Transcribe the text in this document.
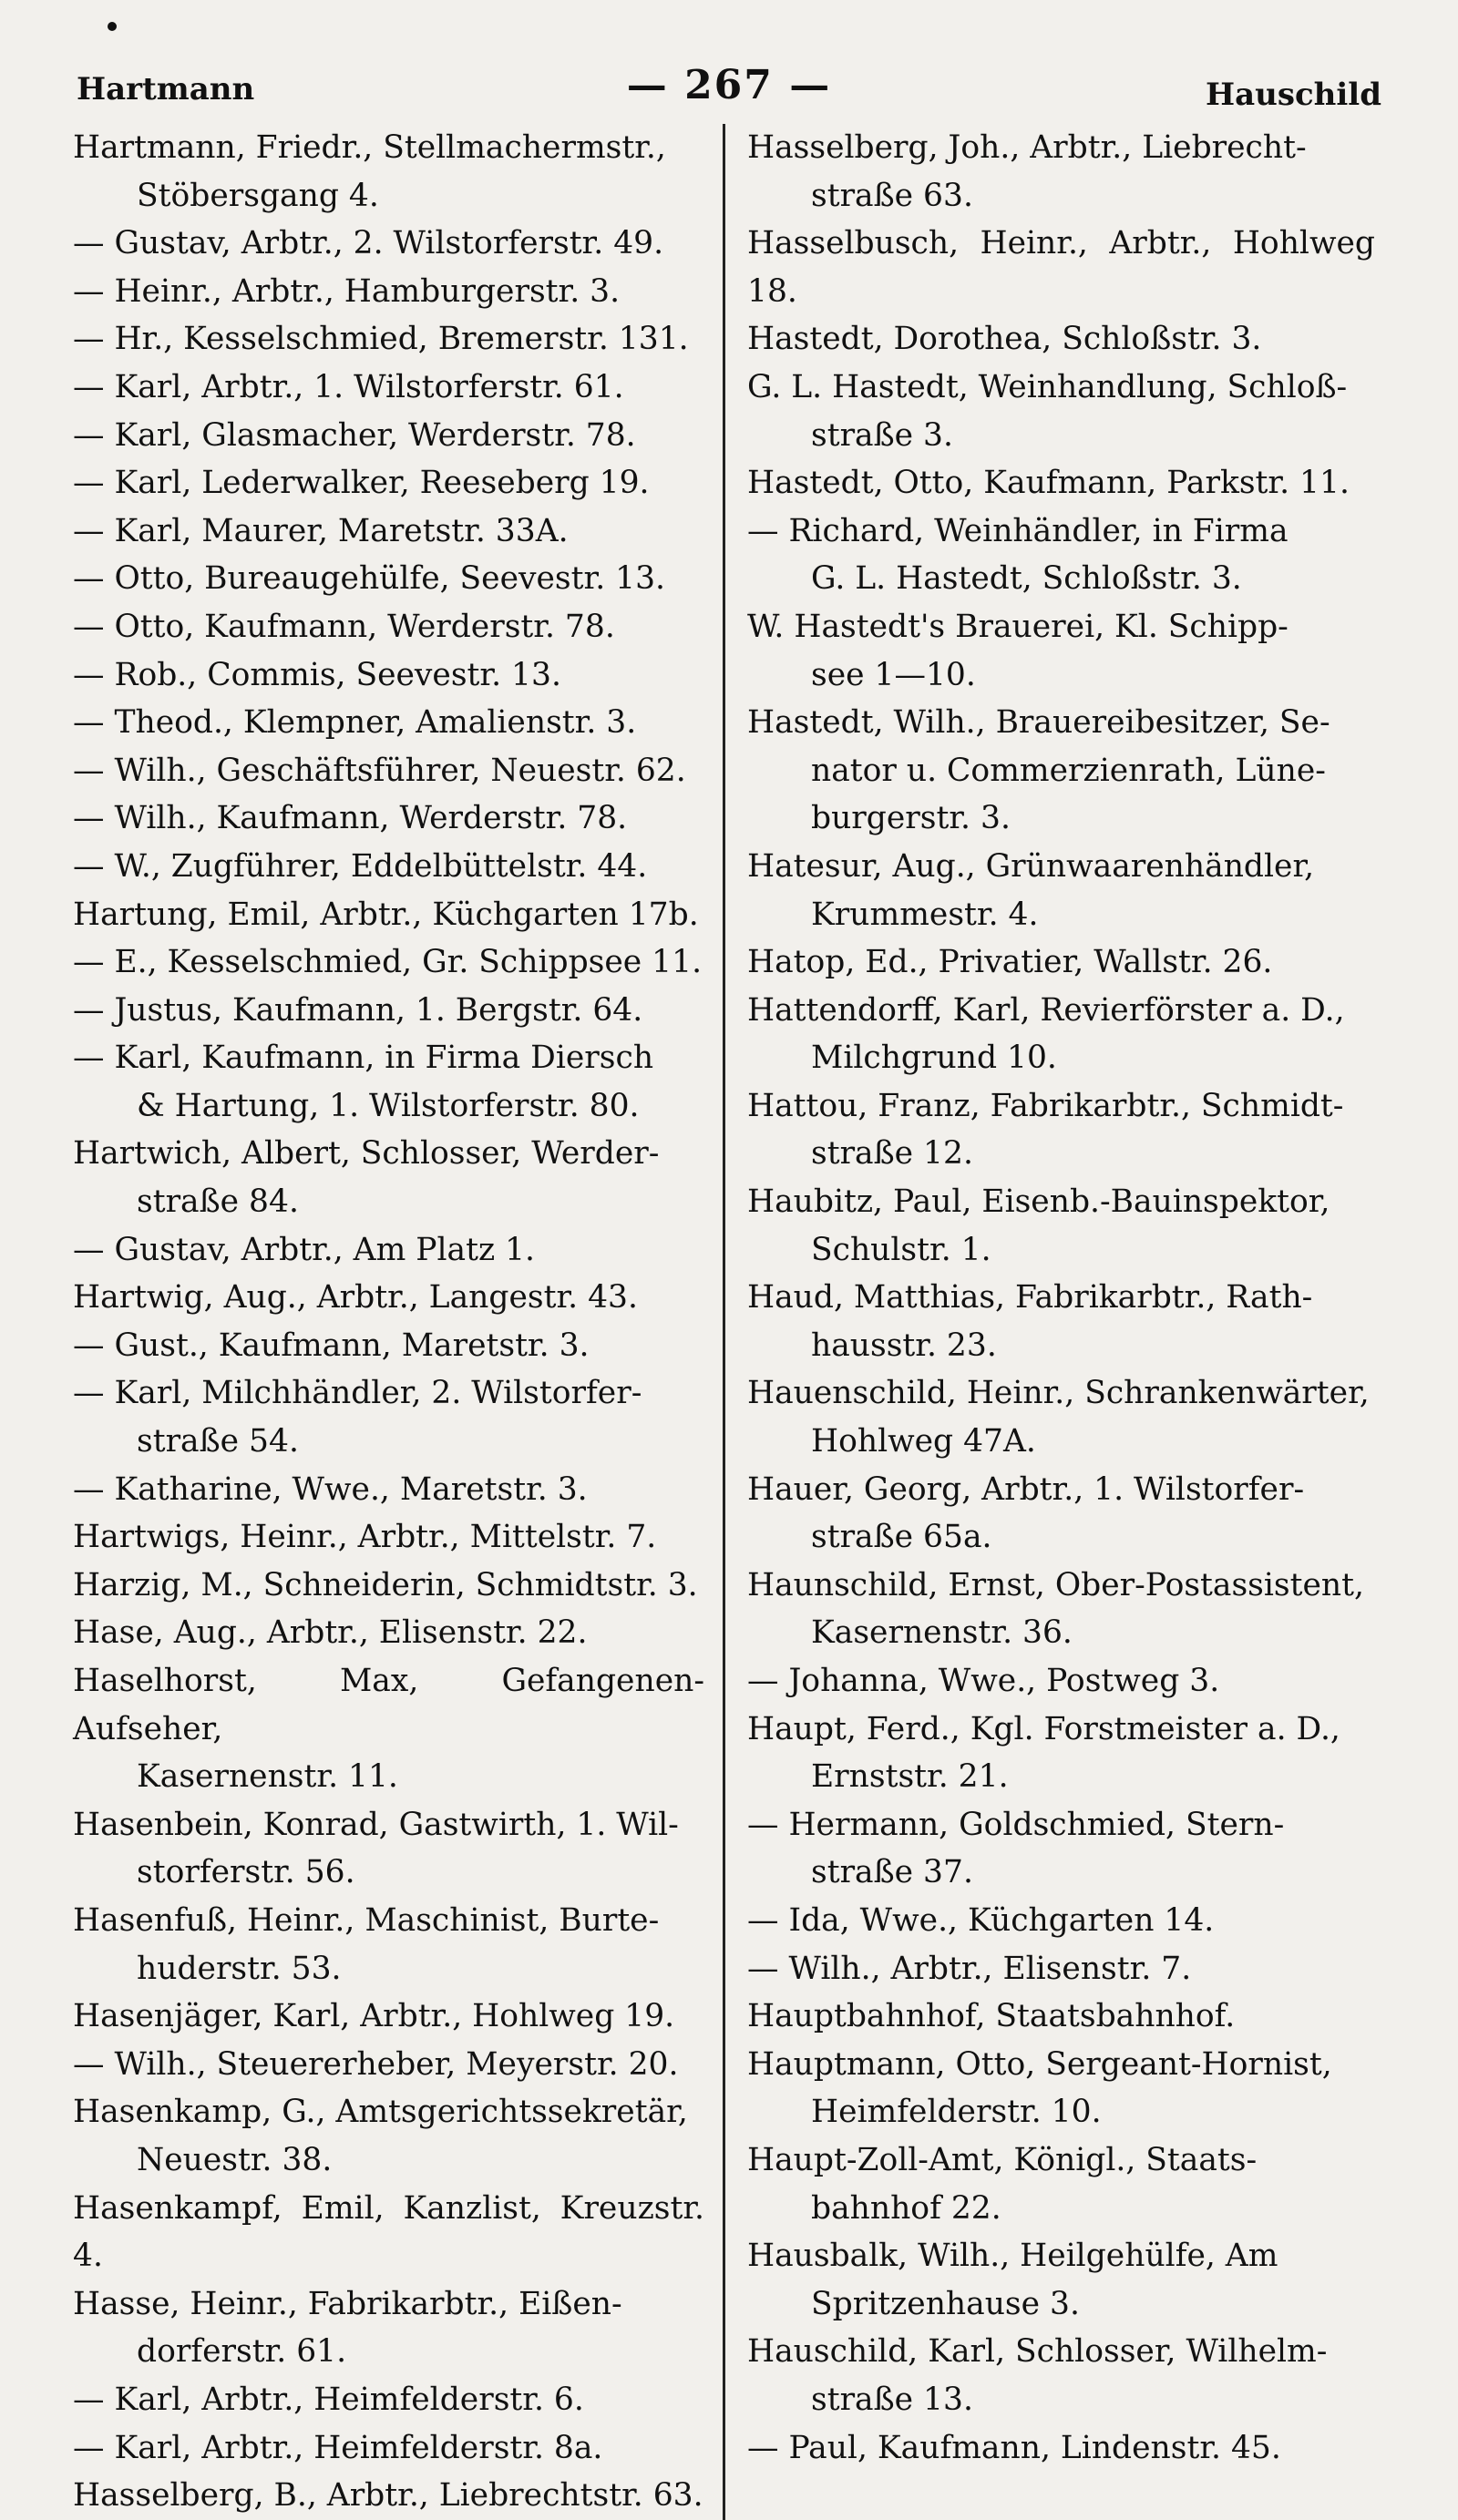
Hartmann	— 267 —	Hauschild
Hartmann, Friedr., Stellmachermstr.,
Stöbersgang 4.
— Gustav, Arbtr., 2. Wilstorferstr. 49.
— Heinr., Arbtr., Hamburgerstr. 3.
— Hr., Kesselschmied, Bremerstr. 131.
— Karl, Arbtr., 1. Wilstorferstr. 61.
— Karl, Glasmacher, Werderstr. 78.
— Karl, Lederwalker, Reeseberg 19.
— Karl, Maurer, Maretstr. 33A.
— Otto, Bureaugehülfe, Seevestr. 13.
— Otto, Kaufmann, Werderstr. 78.
— Rob., Commis, Seevestr. 13.
— Theod., Klempner, Amalienstr. 3.
— Wilh., Geschäftsführer, Neuestr. 62.
— Wilh., Kaufmann, Werderstr. 78.
— W., Zugführer, Eddelbüttelstr. 44.
Hartung, Emil, Arbtr., Küchgarten 17b.
— E., Kesselschmied, Gr. Schippsee 11.
— Justus, Kaufmann, 1. Bergstr. 64.
— Karl, Kaufmann, in Firma Diersch
& Hartung, 1. Wilstorferstr. 80.
Hartwich, Albert, Schlosser, Werder-
straße 84.
— Gustav, Arbtr., Am Platz 1.
Hartwig, Aug., Arbtr., Langestr. 43.
— Gust., Kaufmann, Maretstr. 3.
— Karl, Milchhändler, 2. Wilstorfer-
straße 54.
— Katharine, Wwe., Maretstr. 3.
Hartwigs, Heinr., Arbtr., Mittelstr. 7.
Harzig, M., Schneiderin, Schmidtstr. 3.
Hase, Aug., Arbtr., Elisenstr. 22.
Haselhorst, Max, Gefangenen-Aufseher,
Kasernenstr. 11.
Hasenbein, Konrad, Gastwirth, 1. Wil-
storferstr. 56.
Hasenfuß, Heinr., Maschinist, Burte-
huderstr. 53.
Hasenjäger, Karl, Arbtr., Hohlweg 19.
— Wilh., Steuererheber, Meyerstr. 20.
Hasenkamp, G., Amtsgerichtssekretär,
Neuestr. 38.
Hasenkampf, Emil, Kanzlist, Kreuzstr. 4.
Hasse, Heinr., Fabrikarbtr., Eißen-
dorferstr. 61.
— Karl, Arbtr., Heimfelderstr. 6.
— Karl, Arbtr., Heimfelderstr. 8a.
Hasselberg, B., Arbtr., Liebrechtstr. 63.
Hasselberg, Joh., Arbtr., Liebrecht-
straße 63.
Hasselbusch, Heinr., Arbtr., Hohlweg 18.
Hastedt, Dorothea, Schloßstr. 3.
G. L. Hastedt, Weinhandlung, Schloß-
straße 3.
Hastedt, Otto, Kaufmann, Parkstr. 11.
— Richard, Weinhändler, in Firma
G. L. Hastedt, Schloßstr. 3.
W. Hastedt's Brauerei, Kl. Schipp-
see 1—10.
Hastedt, Wilh., Brauereibesitzer, Se-
nator u. Commerzienrath, Lüne-
burgerstr. 3.
Hatesur, Aug., Grünwaarenhändler,
Krummestr. 4.
Hatop, Ed., Privatier, Wallstr. 26.
Hattendorff, Karl, Revierförster a. D.,
Milchgrund 10.
Hattou, Franz, Fabrikarbtr., Schmidt-
straße 12.
Haubitz, Paul, Eisenb.-Bauinspektor,
Schulstr. 1.
Haud, Matthias, Fabrikarbtr., Rath-
hausstr. 23.
Hauenschild, Heinr., Schrankenwärter,
Hohlweg 47A.
Hauer, Georg, Arbtr., 1. Wilstorfer-
straße 65a.
Haunschild, Ernst, Ober-Postassistent,
Kasernenstr. 36.
— Johanna, Wwe., Postweg 3.
Haupt, Ferd., Kgl. Forstmeister a. D.,
Ernststr. 21.
— Hermann, Goldschmied, Stern-
straße 37.
— Ida, Wwe., Küchgarten 14.
— Wilh., Arbtr., Elisenstr. 7.
Hauptbahnhof, Staatsbahnhof.
Hauptmann, Otto, Sergeant-Hornist,
Heimfelderstr. 10.
Haupt-Zoll-Amt, Königl., Staats-
bahnhof 22.
Hausbalk, Wilh., Heilgehülfe, Am
Spritzenhause 3.
Hauschild, Karl, Schlosser, Wilhelm-
straße 13.
— Paul, Kaufmann, Lindenstr. 45.
